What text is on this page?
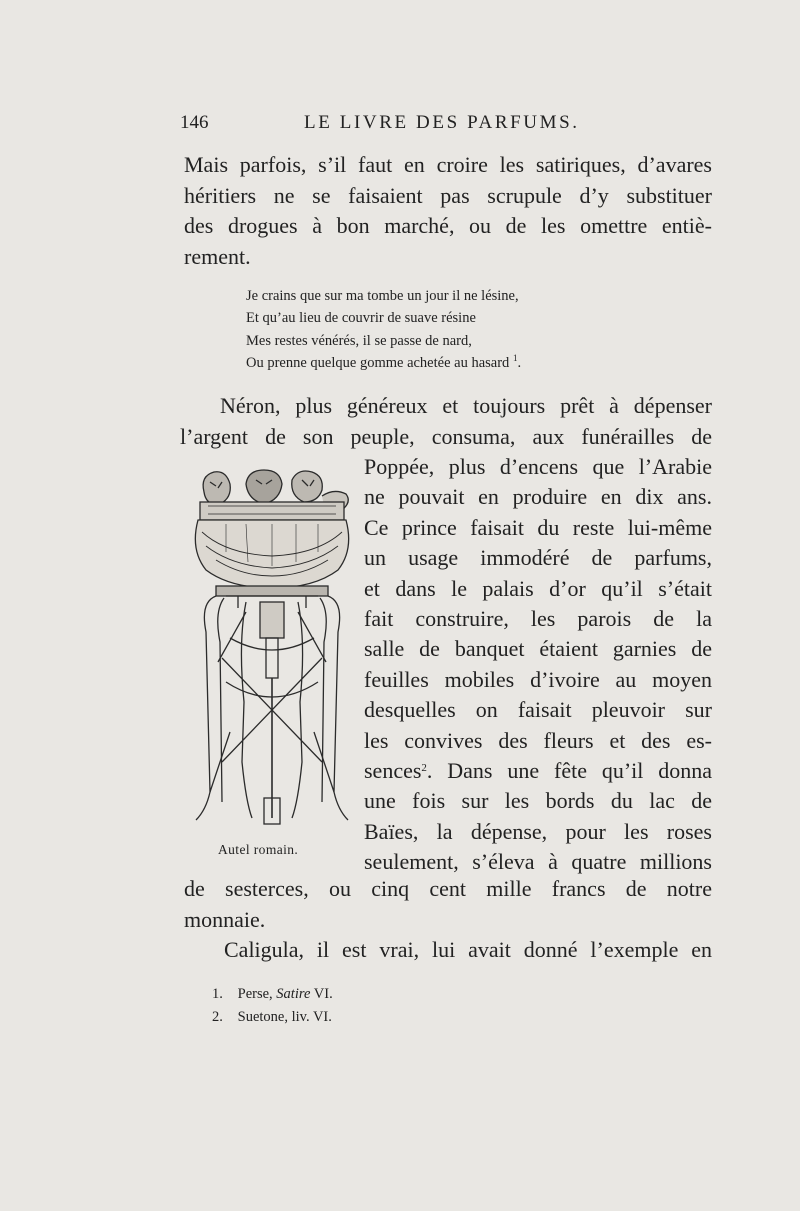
146	LE LIVRE DES PARFUMS.
Mais parfois, s’il faut en croire les satiriques, d’avares
héritiers ne se faisaient pas scrupule d’y substituer
des drogues à bon marché, ou de les omettre entiè-
rement.
Je crains que sur ma tombe un jour il ne lésine,
Et qu’au lieu de couvrir de suave résine
Mes restes vénérés, il se passe de nard,
Ou prenne quelque gomme achetée au hasard $^1$.
Néron, plus généreux et toujours prêt à dépenser
l’argent de son peuple, consuma, aux funérailles de
Poppée, plus d’encens que l’Arabie
ne pouvait en produire en dix ans.
Ce prince faisait du reste lui-même
un usage immodéré de parfums,
et dans le palais d’or qu’il s’était
fait construire, les parois de la
salle de banquet étaient garnies de
feuilles mobiles d’ivoire au moyen
desquelles on faisait pleuvoir sur
les convives des fleurs et des es-
sences$^2$. Dans une fête qu’il donna
une fois sur les bords du lac de
Baïes, la dépense, pour les roses
seulement, s’éleva à quatre millions
de sesterces, ou cinq cent mille francs de notre
monnaie.
Caligula, il est vrai, lui avait donné l’exemple en
Autel romain.
1. Perse, Satire VI.
2. Suetone, liv. VI.
